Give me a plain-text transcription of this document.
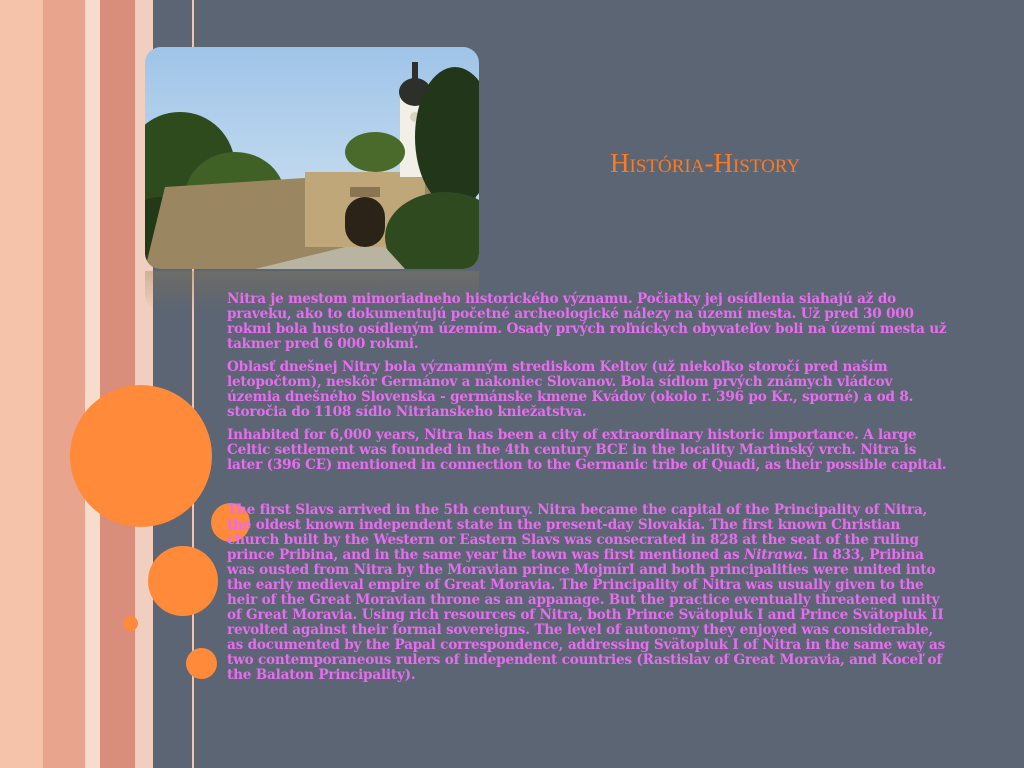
História-History

Nitra je mestom mimoriadneho historického významu. Počiatky jej osídlenia siahajú až do praveku, ako to dokumentujú početné archeologické nálezy na území mesta. Už pred 30 000 rokmi bola husto osídleným územím. Osady prvých roľníckych obyvateľov boli na území mesta už takmer pred 6 000 rokmi.

Oblasť dnešnej Nitry bola významným strediskom Keltov (už niekoľko storočí pred naším letopočtom), neskôr Germánov a nakoniec Slovanov. Bola sídlom prvých známych vládcov územia dnešného Slovenska - germánske kmene Kvádov (okolo r. 396 po Kr., sporné) a od 8. storočia do 1108 sídlo Nitrianskeho kniežatstva.

Inhabited for 6,000 years, Nitra has been a city of extraordinary historic importance. A large Celtic settlement was founded in the 4th century BCE in the locality Martinský vrch. Nitra is later (396 CE) mentioned in connection to the Germanic tribe of Quadi, as their possible capital.

The first Slavs arrived in the 5th century. Nitra became the capital of the Principality of Nitra, the oldest known independent state in the present-day Slovakia. The first known Christian church built by the Western or Eastern Slavs was consecrated in 828 at the seat of the ruling prince Pribina, and in the same year the town was first mentioned as Nitrawa. In 833, Pribina was ousted from Nitra by the Moravian prince MojmírI and both principalities were united into the early medieval empire of Great Moravia. The Principality of Nitra was usually given to the heir of the Great Moravian throne as an appanage. But the practice eventually threatened unity of Great Moravia. Using rich resources of Nitra, both Prince Svätopluk I and Prince Svätopluk II revolted against their formal sovereigns. The level of autonomy they enjoyed was considerable, as documented by the Papal correspondence, addressing Svätopluk I of Nitra in the same way as two contemporaneous rulers of independent countries (Rastislav of Great Moravia, and Koceľ of the Balaton Principality).
